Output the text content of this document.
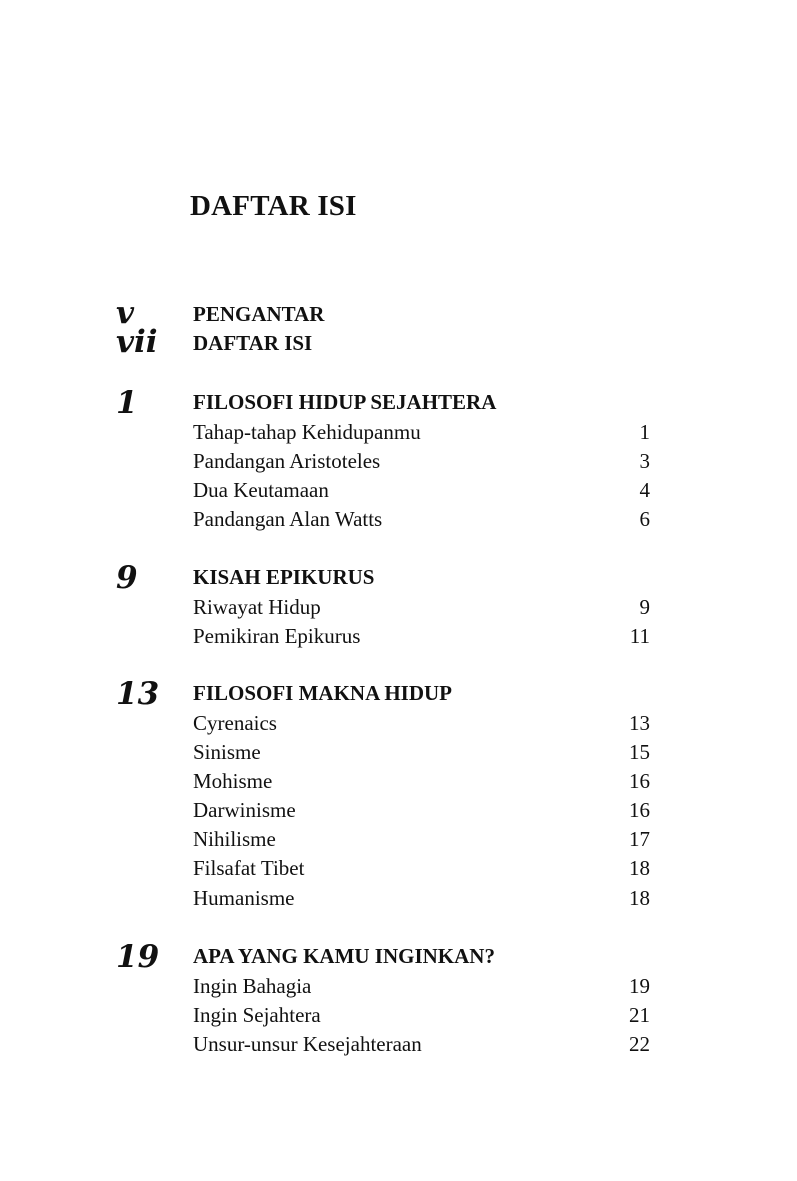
DAFTAR ISI
v	PENGANTAR
vii DAFTAR ISI
1	FILOSOFI HIDUP SEJAHTERA
Tahap-tahap Kehidupanmu	1
Pandangan Aristoteles	3
Dua Keutamaan	4
Pandangan Alan Watts	6
9	KISAH EPIKURUS
Riwayat Hidup	9
Pemikiran Epikurus	11
13 FILOSOFI MAKNA HIDUP
Cyrenaics	13
Sinisme	15
Mohisme	16
Darwinisme	16
Nihilisme	17
Filsafat Tibet	18
Humanisme	18
19 APA YANG KAMU INGINKAN?
Ingin Bahagia	19
Ingin Sejahtera	21
Unsur-unsur Kesejahteraan	22
